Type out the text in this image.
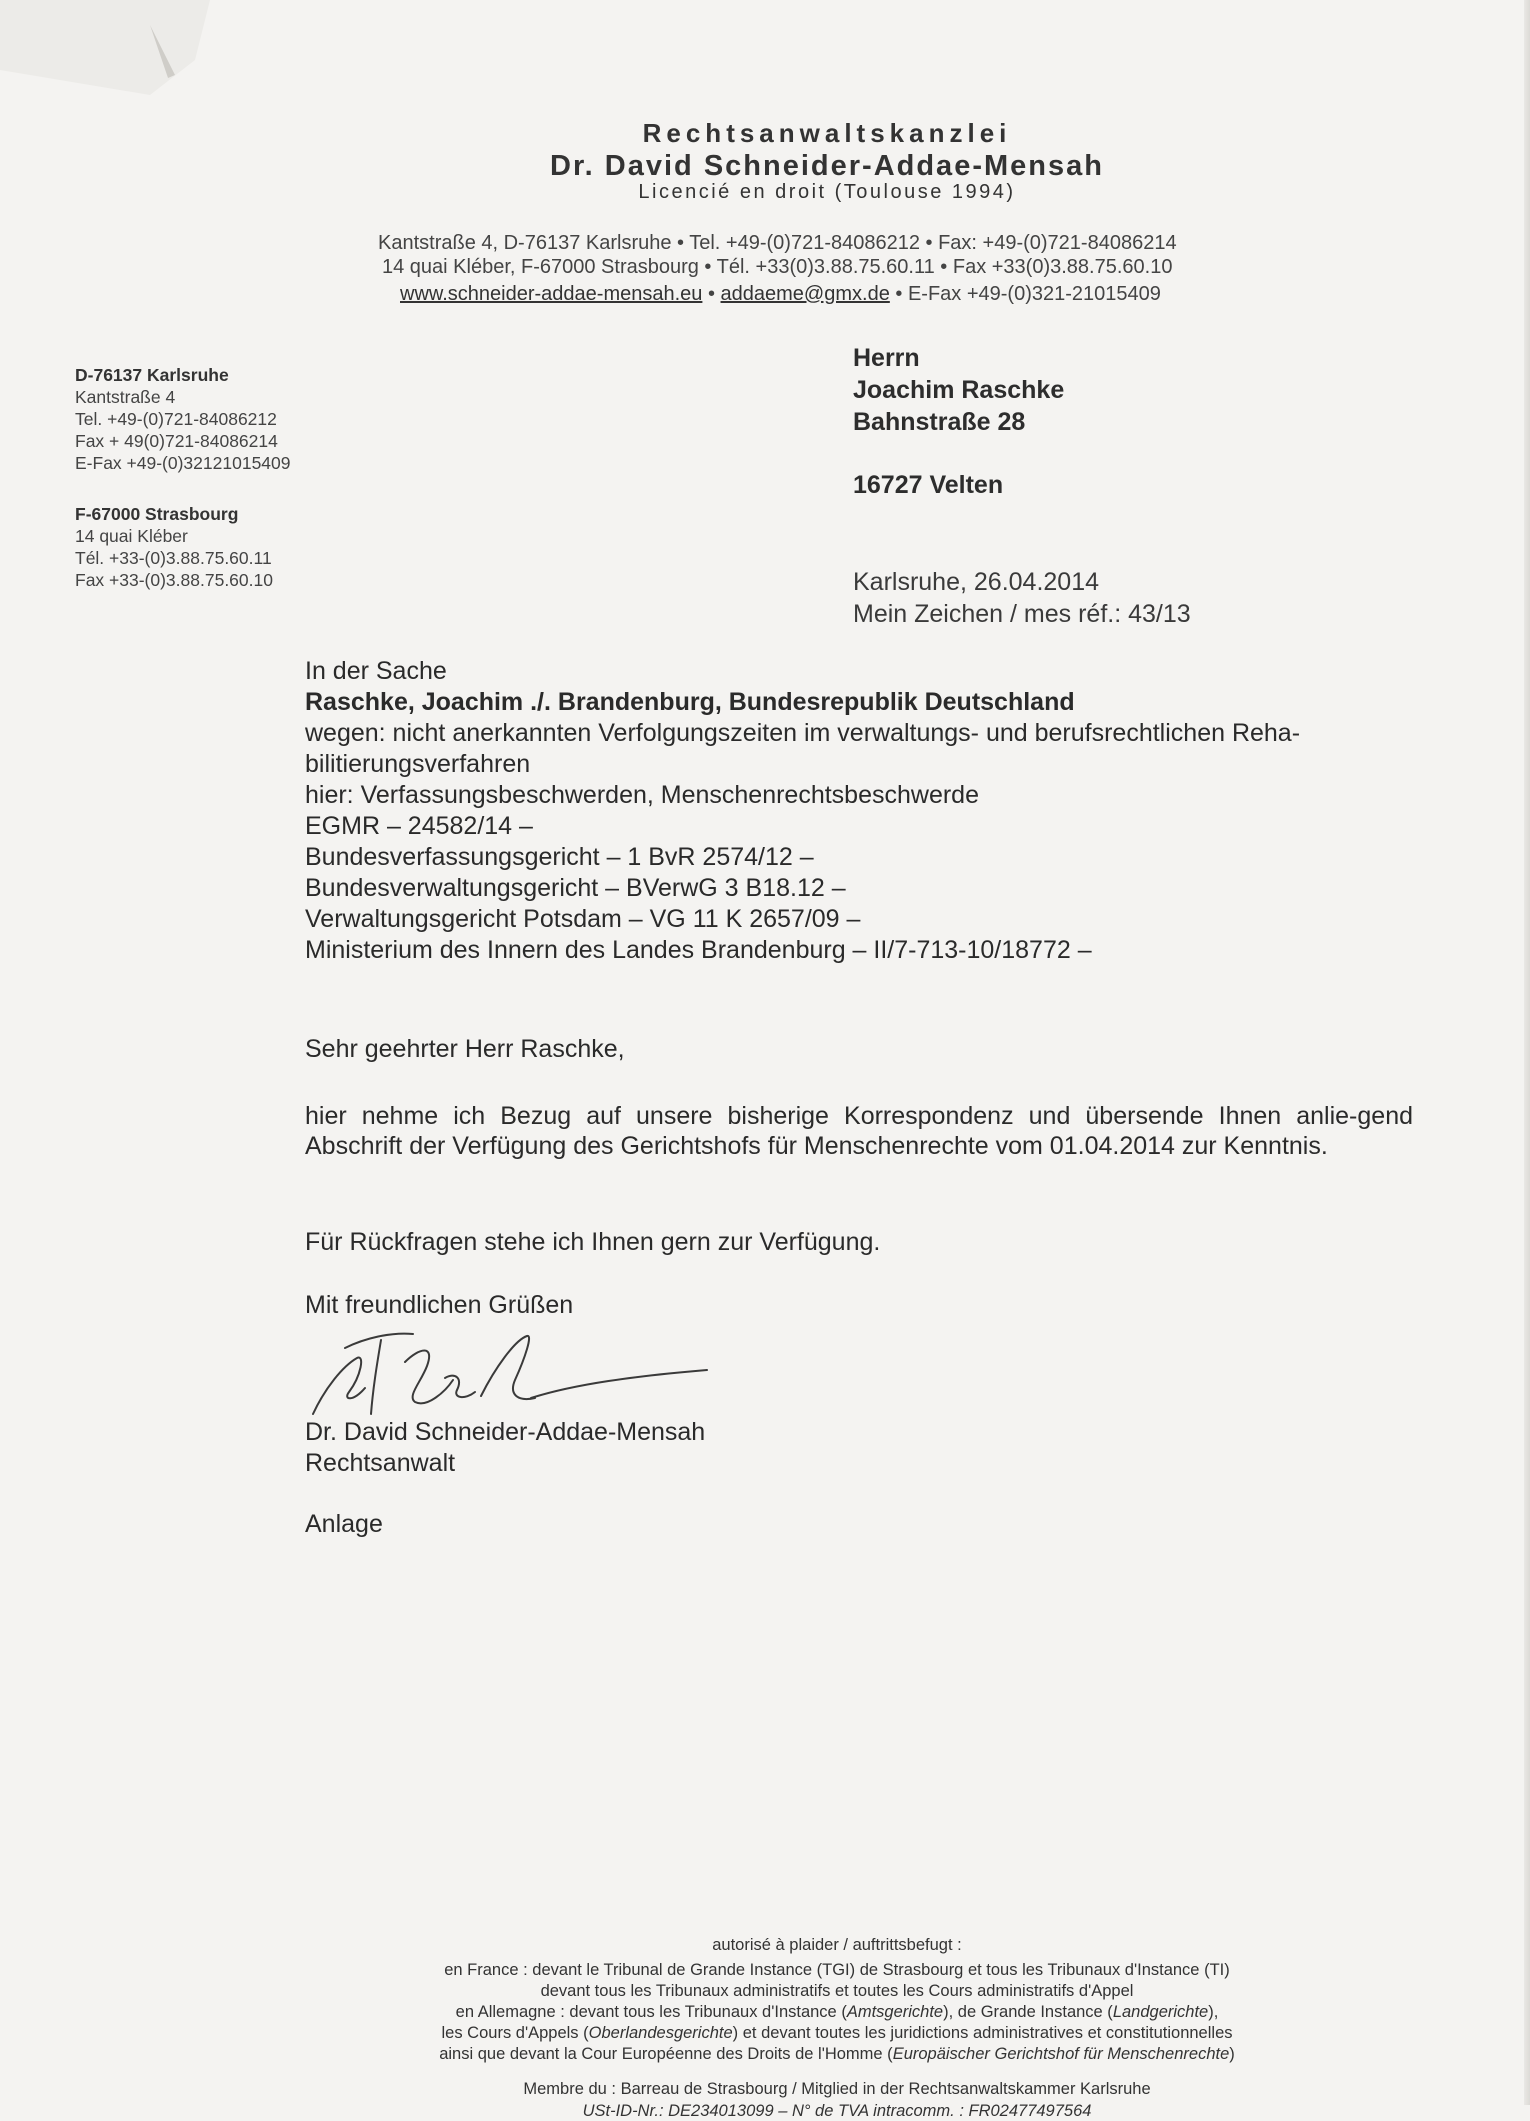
Rechtsanwaltskanzlei
Dr. David Schneider-Addae-Mensah
Licencié en droit (Toulouse 1994)
Kantstraße 4, D-76137 Karlsruhe • Tel. +49-(0)721-84086212 • Fax: +49-(0)721-84086214
14 quai Kléber, F-67000 Strasbourg • Tél. +33(0)3.88.75.60.11 • Fax +33(0)3.88.75.60.10
www.schneider-addae-mensah.eu • addaeme@gmx.de • E-Fax +49-(0)321-21015409
D-76137 Karlsruhe
Kantstraße 4
Tel. +49-(0)721-84086212
Fax + 49(0)721-84086214
E-Fax +49-(0)32121015409
F-67000 Strasbourg
14 quai Kléber
Tél. +33-(0)3.88.75.60.11
Fax +33-(0)3.88.75.60.10
Herrn
Joachim Raschke
Bahnstraße 28
16727 Velten
Karlsruhe, 26.04.2014
Mein Zeichen / mes réf.: 43/13
In der Sache
Raschke, Joachim ./. Brandenburg, Bundesrepublik Deutschland
wegen: nicht anerkannten Verfolgungszeiten im verwaltungs- und berufsrechtlichen Reha-
bilitierungsverfahren
hier: Verfassungsbeschwerden, Menschenrechtsbeschwerde
EGMR – 24582/14 –
Bundesverfassungsgericht – 1 BvR 2574/12 –
Bundesverwaltungsgericht – BVerwG 3 B18.12 –
Verwaltungsgericht Potsdam – VG 11 K 2657/09 –
Ministerium des Innern des Landes Brandenburg – II/7-713-10/18772 –
Sehr geehrter Herr Raschke,
hier nehme ich Bezug auf unsere bisherige Korrespondenz und übersende Ihnen anlie-gend Abschrift der Verfügung des Gerichtshofs für Menschenrechte vom 01.04.2014 zur Kenntnis.
Für Rückfragen stehe ich Ihnen gern zur Verfügung.
Mit freundlichen Grüßen
Dr. David Schneider-Addae-Mensah
Rechtsanwalt
Anlage
autorisé à plaider / auftrittsbefugt :
en France : devant le Tribunal de Grande Instance (TGI) de Strasbourg et tous les Tribunaux d'Instance (TI)
devant tous les Tribunaux administratifs et toutes les Cours administratifs d'Appel
en Allemagne : devant tous les Tribunaux d'Instance (Amtsgerichte), de Grande Instance (Landgerichte),
les Cours d'Appels (Oberlandesgerichte) et devant toutes les juridictions administratives et constitutionnelles
ainsi que devant la Cour Européenne des Droits de l'Homme (Europäischer Gerichtshof für Menschenrechte)
Membre du : Barreau de Strasbourg / Mitglied in der Rechtsanwaltskammer Karlsruhe
USt-ID-Nr.: DE234013099 – N° de TVA intracomm. : FR02477497564
